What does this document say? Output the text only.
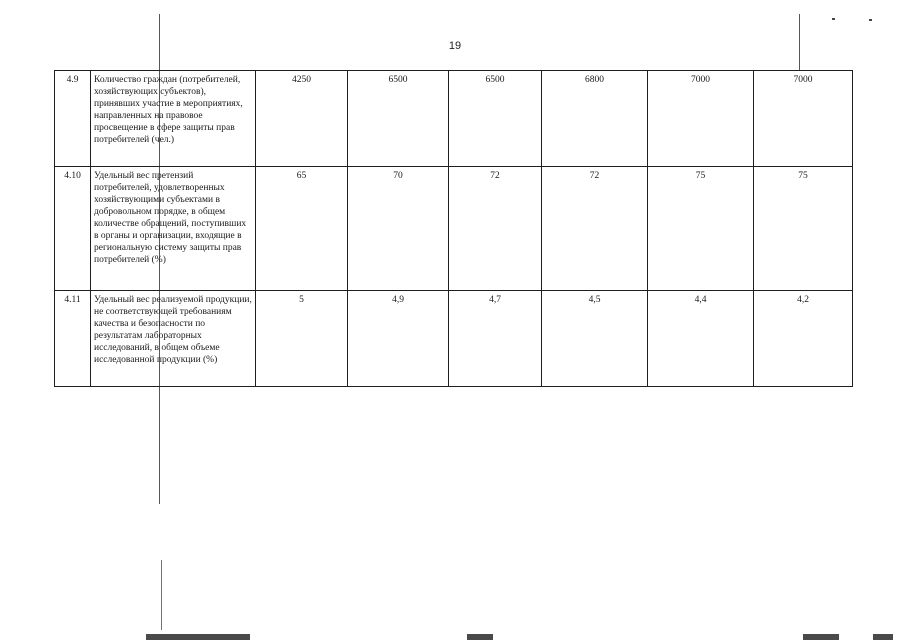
19
4.9	Количество граждан (потребителей, хозяйствующих субъектов), принявших участие в мероприятиях, направленных на правовое просвещение в сфере защиты прав потребителей (чел.)	4250	6500	6500	6800	7000	7000
4.10	Удельный вес претензий потребителей, удовлетворенных хозяйствующими субъектами в добровольном порядке, в общем количестве обращений, поступивших в органы и организации, входящие в региональную систему защиты прав потребителей (%)	65	70	72	72	75	75
4.11	Удельный вес реализуемой продукции, не соответствующей требованиям качества и безопасности по результатам лабораторных исследований, в общем объеме исследованной продукции (%)	5	4,9	4,7	4,5	4,4	4,2
